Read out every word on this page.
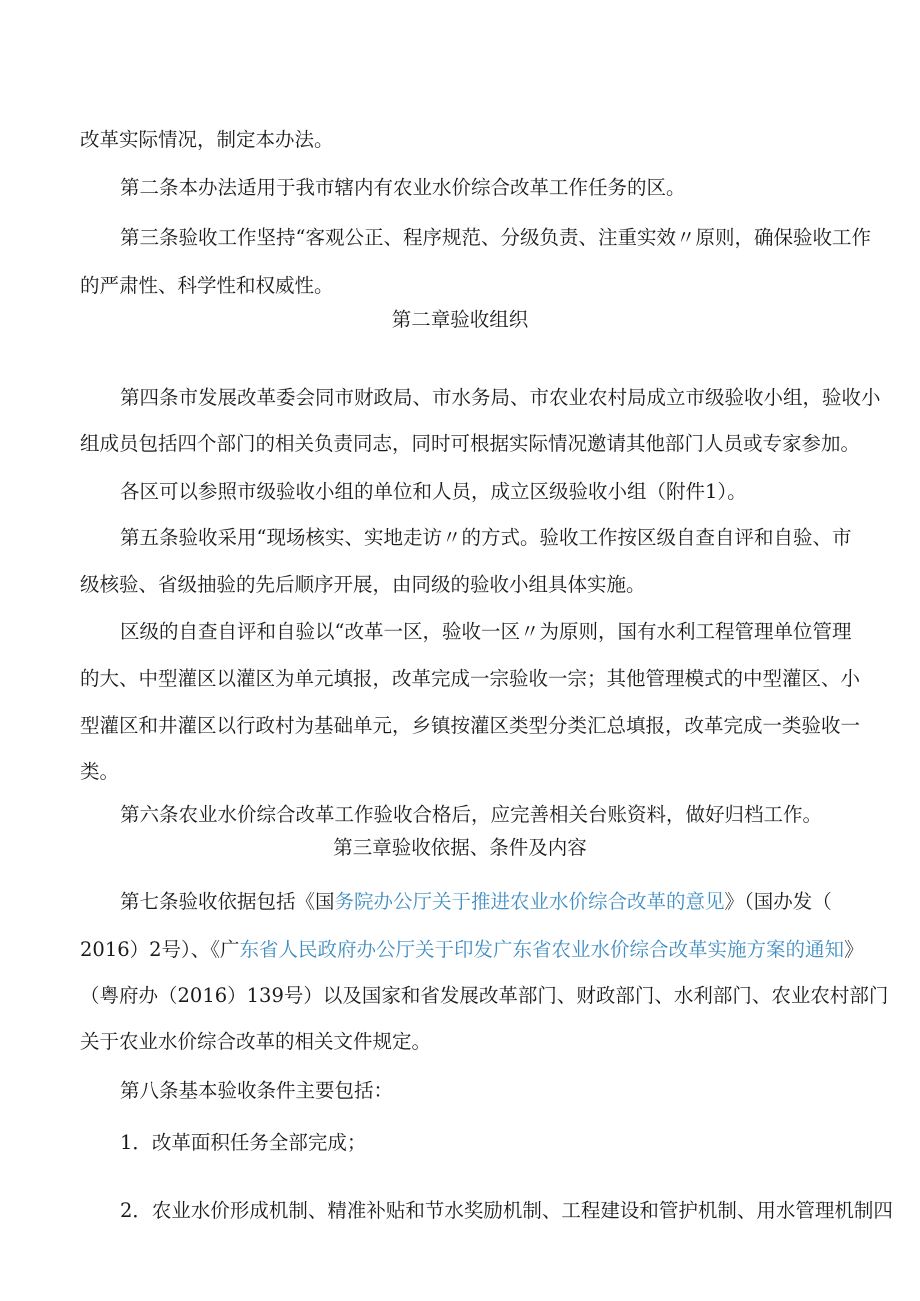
改革实际情况，制定本办法。
第二条本办法适用于我市辖内有农业水价综合改革工作任务的区。
第三条验收工作坚持“客观公正、程序规范、分级负责、注重实效〃原则，确保验收工作
的严肃性、科学性和权威性。
第二章验收组织
第四条市发展改革委会同市财政局、市水务局、市农业农村局成立市级验收小组，验收小
组成员包括四个部门的相关负责同志，同时可根据实际情况邀请其他部门人员或专家参加。
各区可以参照市级验收小组的单位和人员，成立区级验收小组（附件1）。
第五条验收采用“现场核实、实地走访〃的方式。验收工作按区级自查自评和自验、市
级核验、省级抽验的先后顺序开展，由同级的验收小组具体实施。
区级的自查自评和自验以“改革一区，验收一区〃为原则，国有水利工程管理单位管理
的大、中型灌区以灌区为单元填报，改革完成一宗验收一宗；其他管理模式的中型灌区、小
型灌区和井灌区以行政村为基础单元，乡镇按灌区类型分类汇总填报，改革完成一类验收一
类。
第六条农业水价综合改革工作验收合格后，应完善相关台账资料，做好归档工作。
第三章验收依据、条件及内容
第七条验收依据包括《国务院办公厅关于推进农业水价综合改革的意见》（国办发（
2016）2号）、《广东省人民政府办公厅关于印发广东省农业水价综合改革实施方案的通知》
（粤府办（2016）139号）以及国家和省发展改革部门、财政部门、水利部门、农业农村部门
关于农业水价综合改革的相关文件规定。
第八条基本验收条件主要包括：
1．改革面积任务全部完成；
2．农业水价形成机制、精准补贴和节水奖励机制、工程建设和管护机制、用水管理机制四
